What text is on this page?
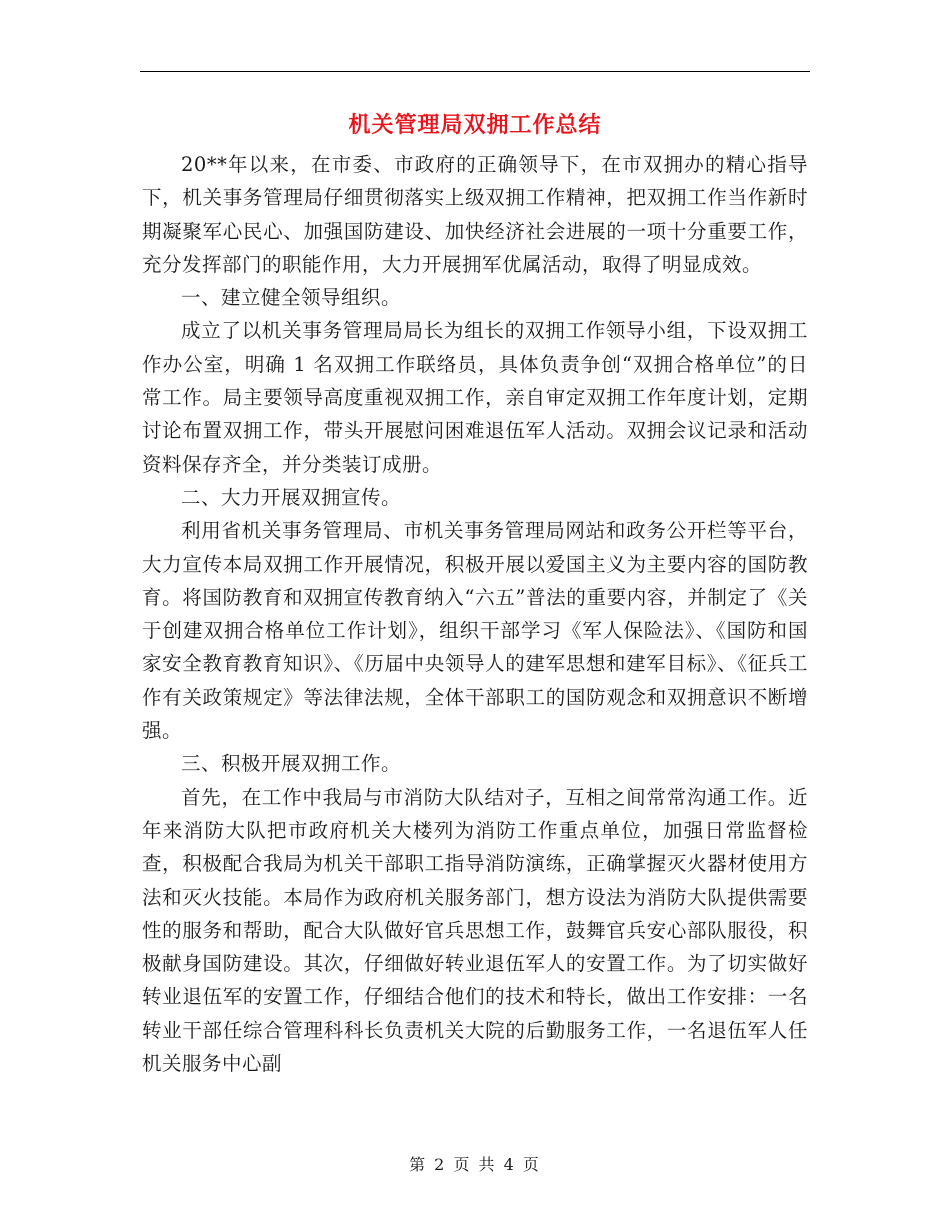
机关管理局双拥工作总结

20**年以来，在市委、市政府的正确领导下，在市双拥办的精心指导下，机关事务管理局仔细贯彻落实上级双拥工作精神，把双拥工作当作新时期凝聚军心民心、加强国防建设、加快经济社会进展的一项十分重要工作，充分发挥部门的职能作用，大力开展拥军优属活动，取得了明显成效。

一、建立健全领导组织。

成立了以机关事务管理局局长为组长的双拥工作领导小组，下设双拥工作办公室，明确 1 名双拥工作联络员，具体负责争创“双拥合格单位”的日常工作。局主要领导高度重视双拥工作，亲自审定双拥工作年度计划，定期讨论布置双拥工作，带头开展慰问困难退伍军人活动。双拥会议记录和活动资料保存齐全，并分类装订成册。

二、大力开展双拥宣传。

利用省机关事务管理局、市机关事务管理局网站和政务公开栏等平台，大力宣传本局双拥工作开展情况，积极开展以爱国主义为主要内容的国防教育。将国防教育和双拥宣传教育纳入“六五”普法的重要内容，并制定了《关于创建双拥合格单位工作计划》，组织干部学习《军人保险法》、《国防和国家安全教育教育知识》、《历届中央领导人的建军思想和建军目标》、《征兵工作有关政策规定》等法律法规，全体干部职工的国防观念和双拥意识不断增强。

三、积极开展双拥工作。

首先，在工作中我局与市消防大队结对子，互相之间常常沟通工作。近年来消防大队把市政府机关大楼列为消防工作重点单位，加强日常监督检查，积极配合我局为机关干部职工指导消防演练，正确掌握灭火器材使用方法和灭火技能。本局作为政府机关服务部门，想方设法为消防大队提供需要性的服务和帮助，配合大队做好官兵思想工作，鼓舞官兵安心部队服役，积极献身国防建设。其次，仔细做好转业退伍军人的安置工作。为了切实做好转业退伍军的安置工作，仔细结合他们的技术和特长，做出工作安排：一名转业干部任综合管理科科长负责机关大院的后勤服务工作，一名退伍军人任机关服务中心副

第 2 页 共 4 页
